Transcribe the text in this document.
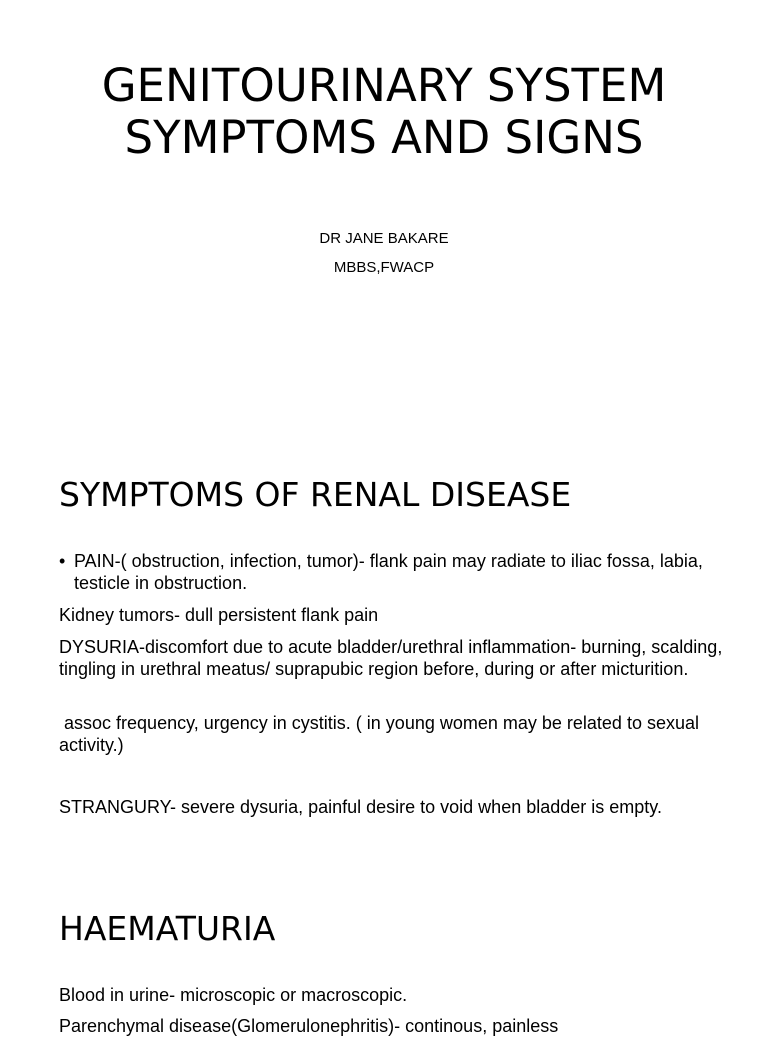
GENITOURINARY SYSTEM SYMPTOMS AND SIGNS
DR JANE BAKARE
MBBS,FWACP
SYMPTOMS OF RENAL DISEASE
• PAIN-( obstruction, infection, tumor)- flank pain may radiate to iliac fossa, labia, testicle in obstruction.
Kidney tumors- dull persistent flank pain
DYSURIA-discomfort due to acute bladder/urethral inflammation- burning, scalding, tingling in urethral meatus/ suprapubic region before, during or after micturition.
assoc frequency, urgency in cystitis. ( in young women may be related to sexual activity.)
STRANGURY- severe dysuria, painful desire to void when bladder is empty.
HAEMATURIA
Blood in urine- microscopic or macroscopic.
Parenchymal disease(Glomerulonephritis)- continous, painless
